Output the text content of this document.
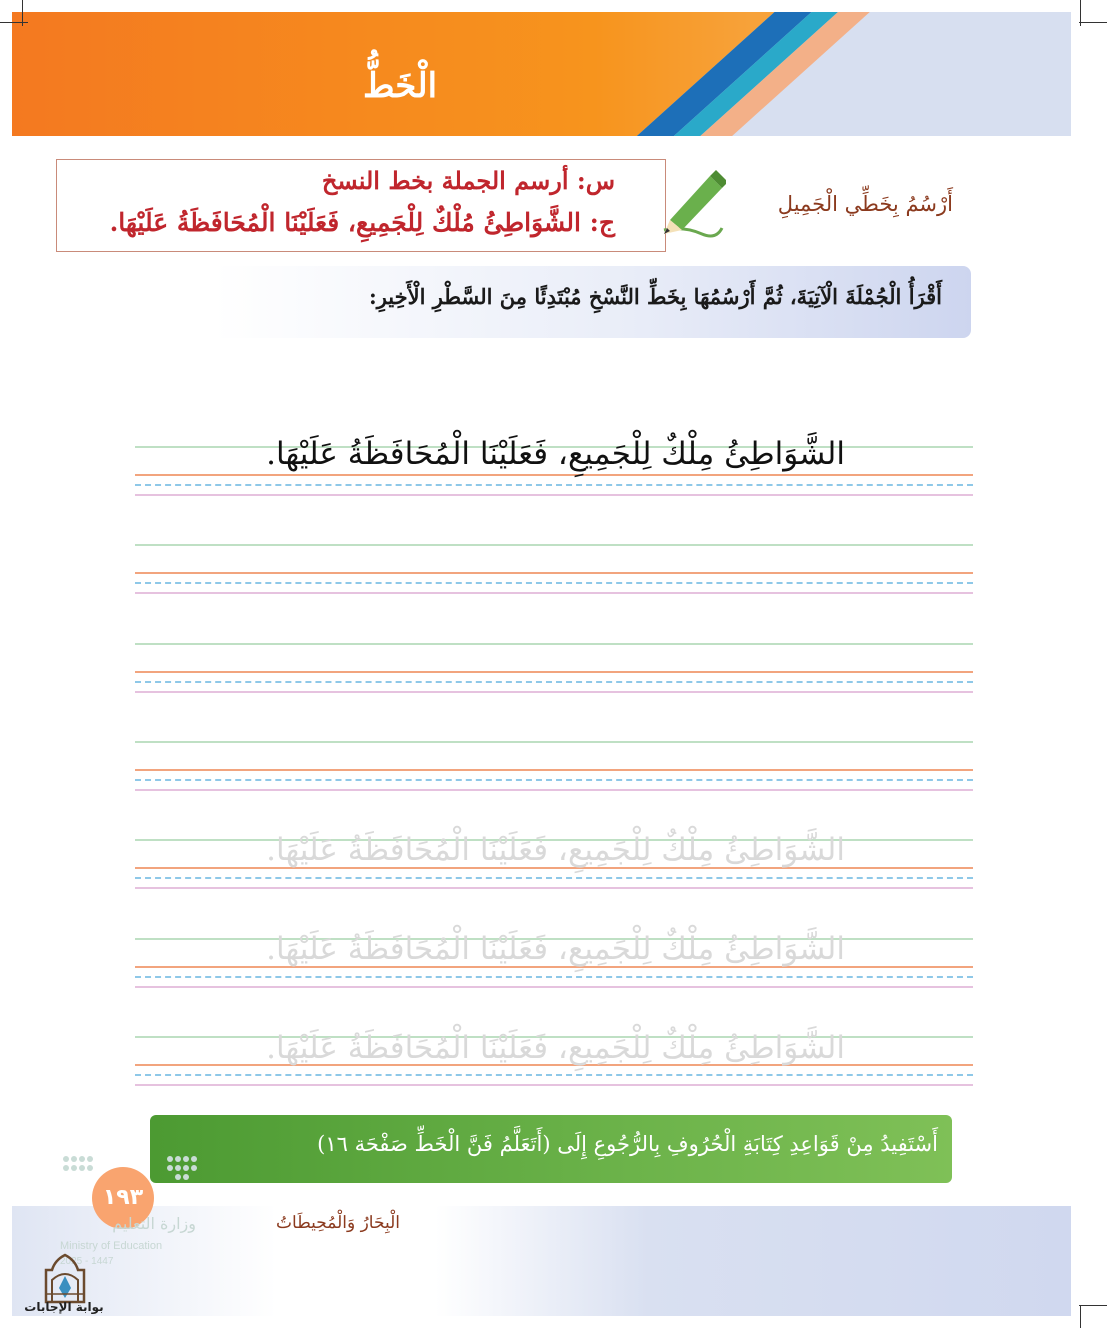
الْخَطُّ
س: أرسم الجملة بخط النسخ
ج: الشَّوَاطِئُ مُلْكٌ لِلْجَمِيعِ، فَعَلَيْنَا الْمُحَافَظَةُ عَلَيْهَا.
أَرْسُمُ بِخَطِّي الْجَمِيلِ
أَقْرَأُ الْجُمْلَةَ الْآتِيَةَ، ثُمَّ أَرْسُمُهَا بِخَطِّ النَّسْخِ مُبْتَدِئًا مِنَ السَّطْرِ الْأَخِيرِ:
الشَّوَاطِئُ مِلْكٌ لِلْجَمِيعِ، فَعَلَيْنَا الْمُحَافَظَةُ عَلَيْهَا.
الشَّوَاطِئُ مِلْكٌ لِلْجَمِيعِ، فَعَلَيْنَا الْمُحَافَظَةُ عَلَيْهَا.
الشَّوَاطِئُ مِلْكٌ لِلْجَمِيعِ، فَعَلَيْنَا الْمُحَافَظَةُ عَلَيْهَا.
الشَّوَاطِئُ مِلْكٌ لِلْجَمِيعِ، فَعَلَيْنَا الْمُحَافَظَةُ عَلَيْهَا.
أَسْتَفِيدُ مِنْ قَوَاعِدِ كِتَابَةِ الْحُرُوفِ بِالرُّجُوعِ إِلَى (أَتَعَلَّمُ فَنَّ الْخَطِّ صَفْحَة ١٦)
الْبِحَارُ وَالْمُحِيطَاتُ
١٩٣
وزارة التعليم
Ministry of Education
2025 - 1447
بوابة الإجابات
